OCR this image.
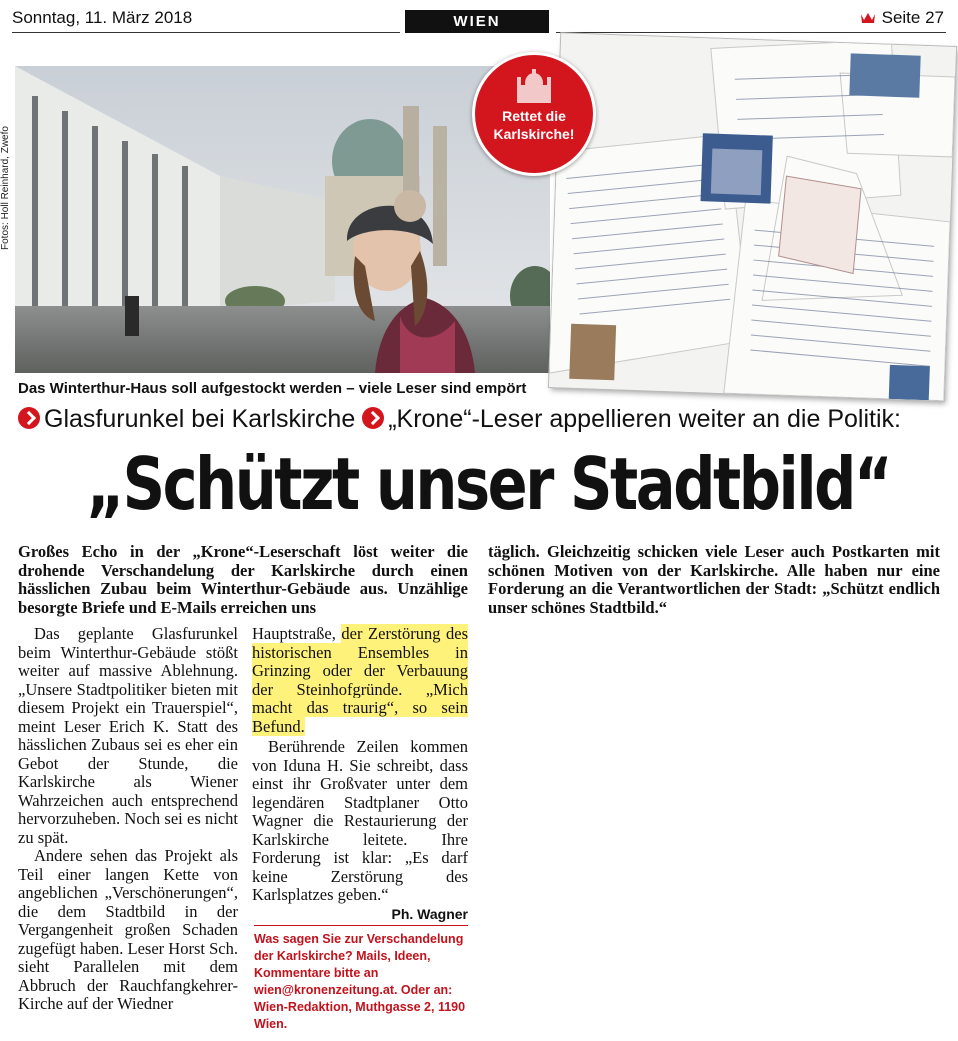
Sonntag, 11. März 2018	WIEN	Seite 27
Fotos: Holl Reinhard, Zwefo
Das Winterthur-Haus soll aufgestockt werden – viele Leser sind empört
Rettet die
Karlskirche!
Glasfurunkel bei Karlskirche „Krone“-Leser appellieren weiter an die Politik:
„Schützt unser Stadtbild“
Großes Echo in der „Krone“-Leserschaft löst weiter die drohende Verschandelung der Karlskirche durch einen hässlichen Zubau beim Winterthur-Gebäude aus. Unzählige besorgte Briefe und E-Mails erreichen uns
täglich. Gleichzeitig schicken viele Leser auch Postkarten mit schönen Motiven von der Karlskirche. Alle haben nur eine Forderung an die Verantwortlichen der Stadt: „Schützt endlich unser schönes Stadtbild.“
Das geplante Glasfurunkel beim Winterthur-Gebäude stößt weiter auf massive Ablehnung. „Unsere Stadtpolitiker bieten mit diesem Projekt ein Trauerspiel“, meint Leser Erich K. Statt des hässlichen Zubaus sei es eher ein Gebot der Stunde, die Karlskirche als Wiener Wahrzeichen auch entsprechend hervorzuheben. Noch sei es nicht zu spät.
Andere sehen das Projekt als Teil einer langen Kette von angeblichen „Verschönerungen“, die dem Stadtbild in der Vergangenheit großen Schaden zugefügt haben. Leser Horst Sch. sieht Parallelen mit dem Abbruch der Rauchfangkehrer-Kirche auf der Wiedner
Hauptstraße, der Zerstörung des historischen Ensembles in Grinzing oder der Verbauung der Steinhofgründe. „Mich macht das traurig“, so sein Befund.
Berührende Zeilen kommen von Iduna H. Sie schreibt, dass einst ihr Großvater unter dem legendären Stadtplaner Otto Wagner die Restaurierung der Karlskirche leitete. Ihre Forderung ist klar: „Es darf keine Zerstörung des Karlsplatzes geben.“
Ph. Wagner
Was sagen Sie zur Verschandelung der Karlskirche? Mails, Ideen, Kommentare bitte an wien@kronenzeitung.at. Oder an: Wien-Redaktion, Muthgasse 2, 1190 Wien.
